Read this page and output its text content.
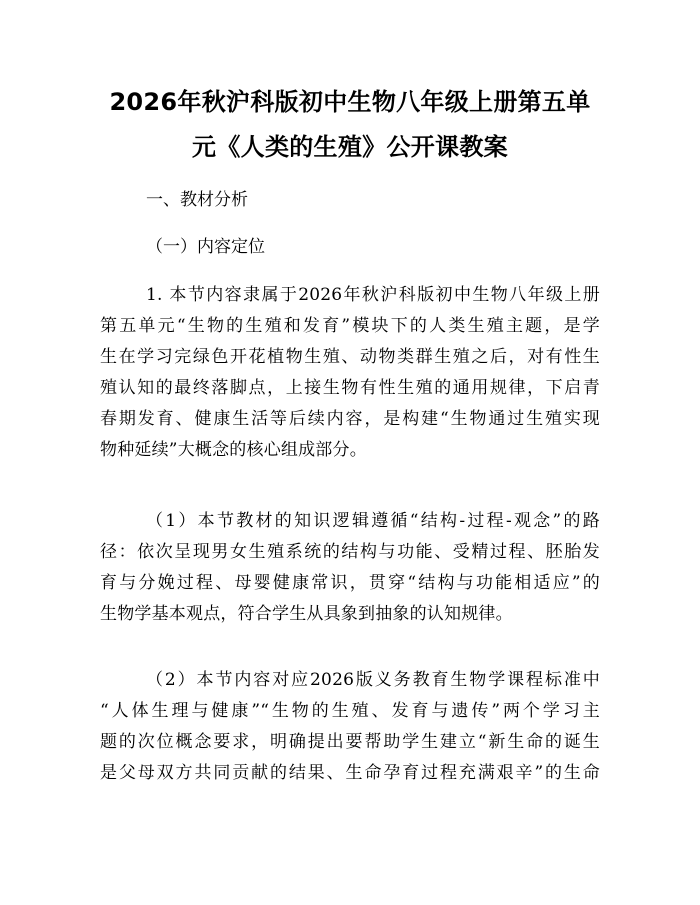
2026年秋沪科版初中生物八年级上册第五单
元《人类的生殖》公开课教案

一、教材分析

（一）内容定位

1. 本节内容隶属于2026年秋沪科版初中生物八年级上册
第五单元“生物的生殖和发育”模块下的人类生殖主题，是学
生在学习完绿色开花植物生殖、动物类群生殖之后，对有性生
殖认知的最终落脚点，上接生物有性生殖的通用规律，下启青
春期发育、健康生活等后续内容，是构建“生物通过生殖实现
物种延续”大概念的核心组成部分。
（1）本节教材的知识逻辑遵循“结构-过程-观念”的路
径：依次呈现男女生殖系统的结构与功能、受精过程、胚胎发
育与分娩过程、母婴健康常识，贯穿“结构与功能相适应”的
生物学基本观点，符合学生从具象到抽象的认知规律。
（2）本节内容对应2026版义务教育生物学课程标准中
“人体生理与健康”“生物的生殖、发育与遗传”两个学习主
题的次位概念要求，明确提出要帮助学生建立“新生命的诞生
是父母双方共同贡献的结果、生命孕育过程充满艰辛”的生命
